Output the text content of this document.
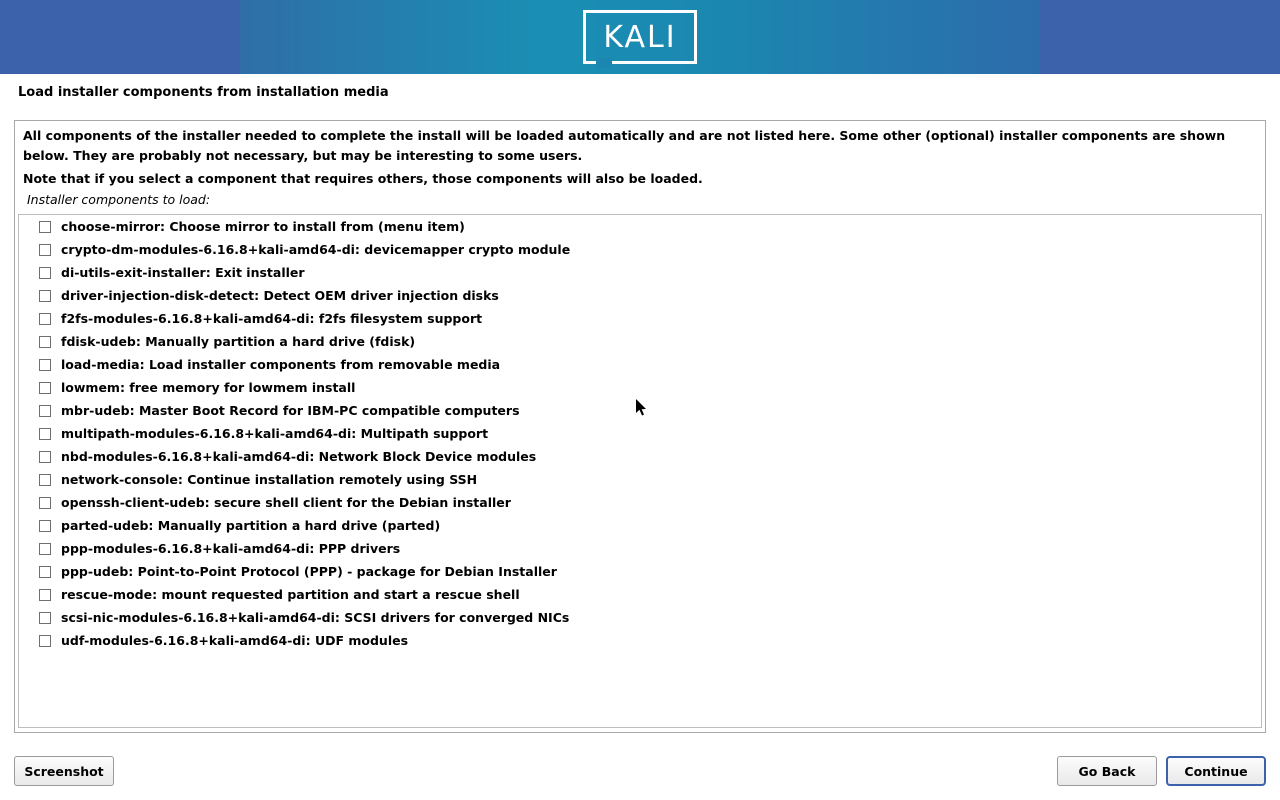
KALI
Load installer components from installation media
All components of the installer needed to complete the install will be loaded automatically and are not listed here. Some other (optional) installer components are shown below. They are probably not necessary, but may be interesting to some users.
Note that if you select a component that requires others, those components will also be loaded.
Installer components to load:
choose-mirror: Choose mirror to install from (menu item)
crypto-dm-modules-6.16.8+kali-amd64-di: devicemapper crypto module
di-utils-exit-installer: Exit installer
driver-injection-disk-detect: Detect OEM driver injection disks
f2fs-modules-6.16.8+kali-amd64-di: f2fs filesystem support
fdisk-udeb: Manually partition a hard drive (fdisk)
load-media: Load installer components from removable media
lowmem: free memory for lowmem install
mbr-udeb: Master Boot Record for IBM-PC compatible computers
multipath-modules-6.16.8+kali-amd64-di: Multipath support
nbd-modules-6.16.8+kali-amd64-di: Network Block Device modules
network-console: Continue installation remotely using SSH
openssh-client-udeb: secure shell client for the Debian installer
parted-udeb: Manually partition a hard drive (parted)
ppp-modules-6.16.8+kali-amd64-di: PPP drivers
ppp-udeb: Point-to-Point Protocol (PPP) - package for Debian Installer
rescue-mode: mount requested partition and start a rescue shell
scsi-nic-modules-6.16.8+kali-amd64-di: SCSI drivers for converged NICs
udf-modules-6.16.8+kali-amd64-di: UDF modules
Screenshot	Go Back	Continue
